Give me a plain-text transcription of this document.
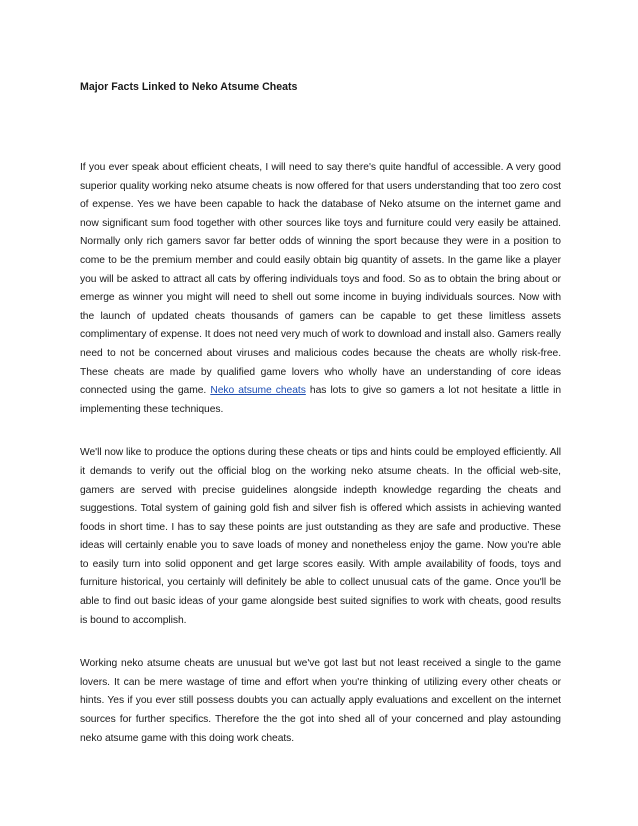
Major Facts Linked to Neko Atsume Cheats

If you ever speak about efficient cheats, I will need to say there's quite handful of accessible. A very good superior quality working neko atsume cheats is now offered for that users understanding that too zero cost of expense. Yes we have been capable to hack the database of Neko atsume on the internet game and now significant sum food together with other sources like toys and furniture could very easily be attained. Normally only rich gamers savor far better odds of winning the sport because they were in a position to come to be the premium member and could easily obtain big quantity of assets. In the game like a player you will be asked to attract all cats by offering individuals toys and food. So as to obtain the bring about or emerge as winner you might will need to shell out some income in buying individuals sources. Now with the launch of updated cheats thousands of gamers can be capable to get these limitless assets complimentary of expense. It does not need very much of work to download and install also. Gamers really need to not be concerned about viruses and malicious codes because the cheats are wholly risk-free. These cheats are made by qualified game lovers who wholly have an understanding of core ideas connected using the game. Neko atsume cheats has lots to give so gamers a lot not hesitate a little in implementing these techniques.

We'll now like to produce the options during these cheats or tips and hints could be employed efficiently. All it demands to verify out the official blog on the working neko atsume cheats. In the official web-site, gamers are served with precise guidelines alongside indepth knowledge regarding the cheats and suggestions. Total system of gaining gold fish and silver fish is offered which assists in achieving wanted foods in short time. I has to say these points are just outstanding as they are safe and productive. These ideas will certainly enable you to save loads of money and nonetheless enjoy the game. Now you're able to easily turn into solid opponent and get large scores easily. With ample availability of foods, toys and furniture historical, you certainly will definitely be able to collect unusual cats of the game. Once you'll be able to find out basic ideas of your game alongside best suited signifies to work with cheats, good results is bound to accomplish.

Working neko atsume cheats are unusual but we've got last but not least received a single to the game lovers. It can be mere wastage of time and effort when you're thinking of utilizing every other cheats or hints. Yes if you ever still possess doubts you can actually apply evaluations and excellent on the internet sources for further specifics. Therefore the the got into shed all of your concerned and play astounding neko atsume game with this doing work cheats.
